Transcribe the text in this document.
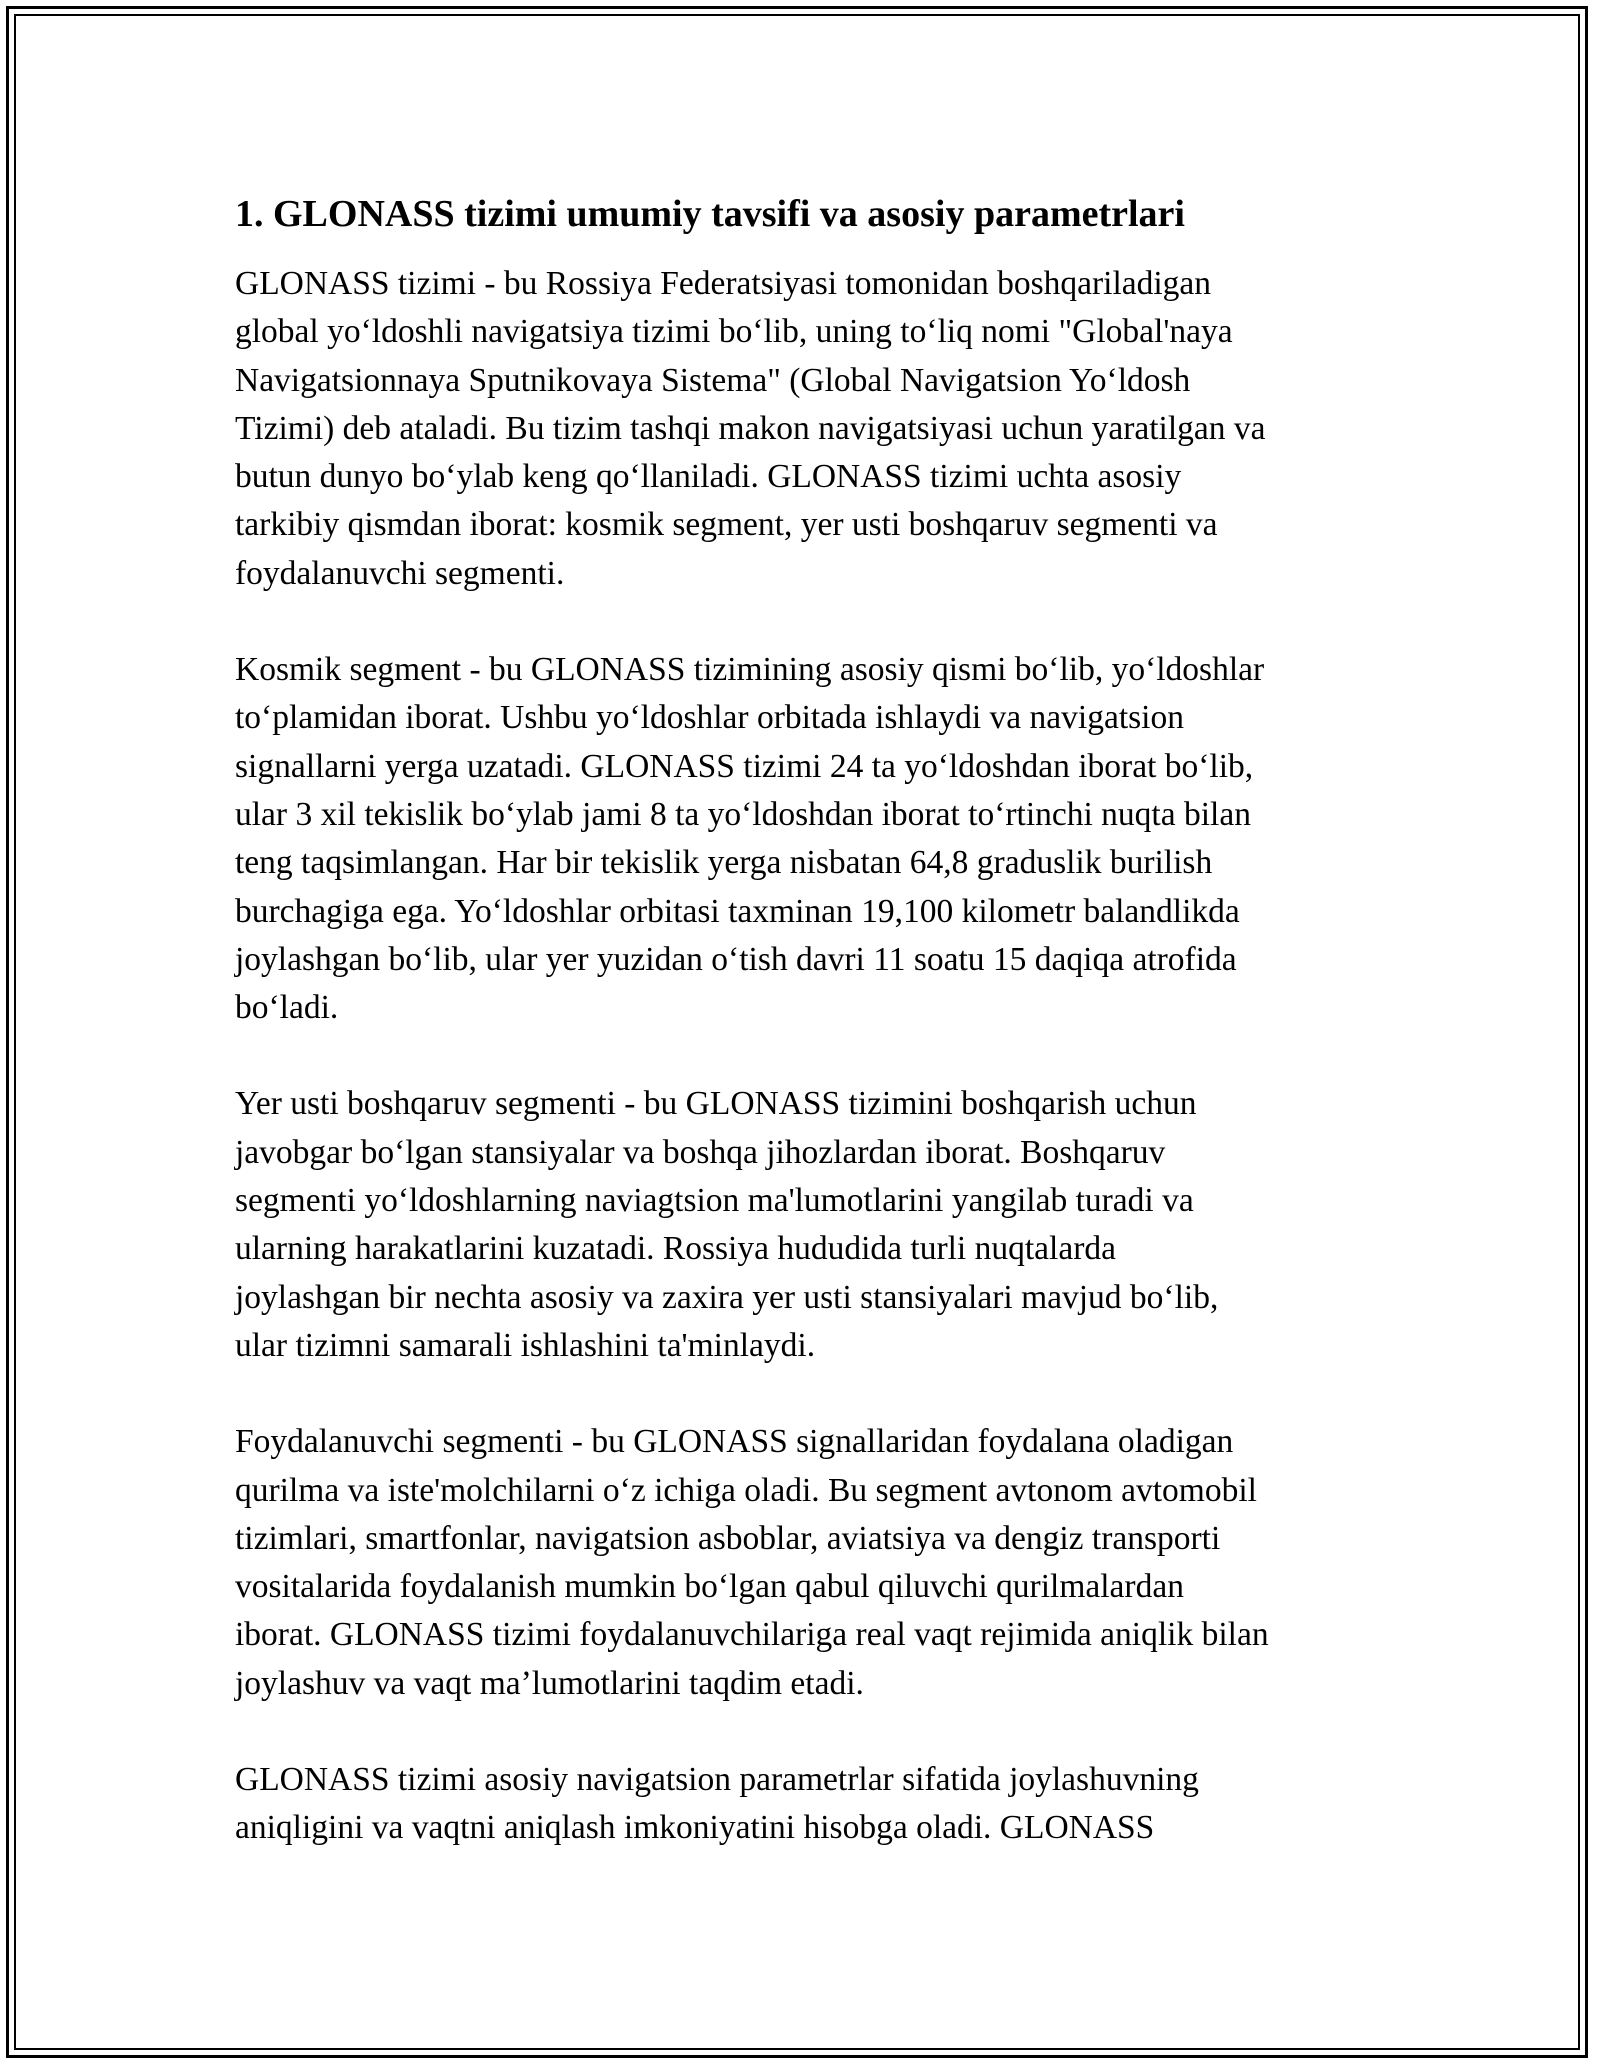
1. GLONASS tizimi umumiy tavsifi va asosiy parametrlari

GLONASS tizimi - bu Rossiya Federatsiyasi tomonidan boshqariladigan
global yoʻldoshli navigatsiya tizimi boʻlib, uning toʻliq nomi "Global'naya
Navigatsionnaya Sputnikovaya Sistema" (Global Navigatsion Yoʻldosh
Tizimi) deb ataladi. Bu tizim tashqi makon navigatsiyasi uchun yaratilgan va
butun dunyo boʻylab keng qoʻllaniladi. GLONASS tizimi uchta asosiy
tarkibiy qismdan iborat: kosmik segment, yer usti boshqaruv segmenti va
foydalanuvchi segmenti.

Kosmik segment - bu GLONASS tizimining asosiy qismi boʻlib, yoʻldoshlar
toʻplamidan iborat. Ushbu yoʻldoshlar orbitada ishlaydi va navigatsion
signallarni yerga uzatadi. GLONASS tizimi 24 ta yoʻldoshdan iborat boʻlib,
ular 3 xil tekislik boʻylab jami 8 ta yoʻldoshdan iborat toʻrtinchi nuqta bilan
teng taqsimlangan. Har bir tekislik yerga nisbatan 64,8 graduslik burilish
burchagiga ega. Yoʻldoshlar orbitasi taxminan 19,100 kilometr balandlikda
joylashgan boʻlib, ular yer yuzidan oʻtish davri 11 soatu 15 daqiqa atrofida
boʻladi.

Yer usti boshqaruv segmenti - bu GLONASS tizimini boshqarish uchun
javobgar boʻlgan stansiyalar va boshqa jihozlardan iborat. Boshqaruv
segmenti yoʻldoshlarning naviagtsion ma'lumotlarini yangilab turadi va
ularning harakatlarini kuzatadi. Rossiya hududida turli nuqtalarda
joylashgan bir nechta asosiy va zaxira yer usti stansiyalari mavjud boʻlib,
ular tizimni samarali ishlashini ta'minlaydi.

Foydalanuvchi segmenti - bu GLONASS signallaridan foydalana oladigan
qurilma va iste'molchilarni oʻz ichiga oladi. Bu segment avtonom avtomobil
tizimlari, smartfonlar, navigatsion asboblar, aviatsiya va dengiz transporti
vositalarida foydalanish mumkin boʻlgan qabul qiluvchi qurilmalardan
iborat. GLONASS tizimi foydalanuvchilariga real vaqt rejimida aniqlik bilan
joylashuv va vaqt maʼlumotlarini taqdim etadi.

GLONASS tizimi asosiy navigatsion parametrlar sifatida joylashuvning
aniqligini va vaqtni aniqlash imkoniyatini hisobga oladi. GLONASS
